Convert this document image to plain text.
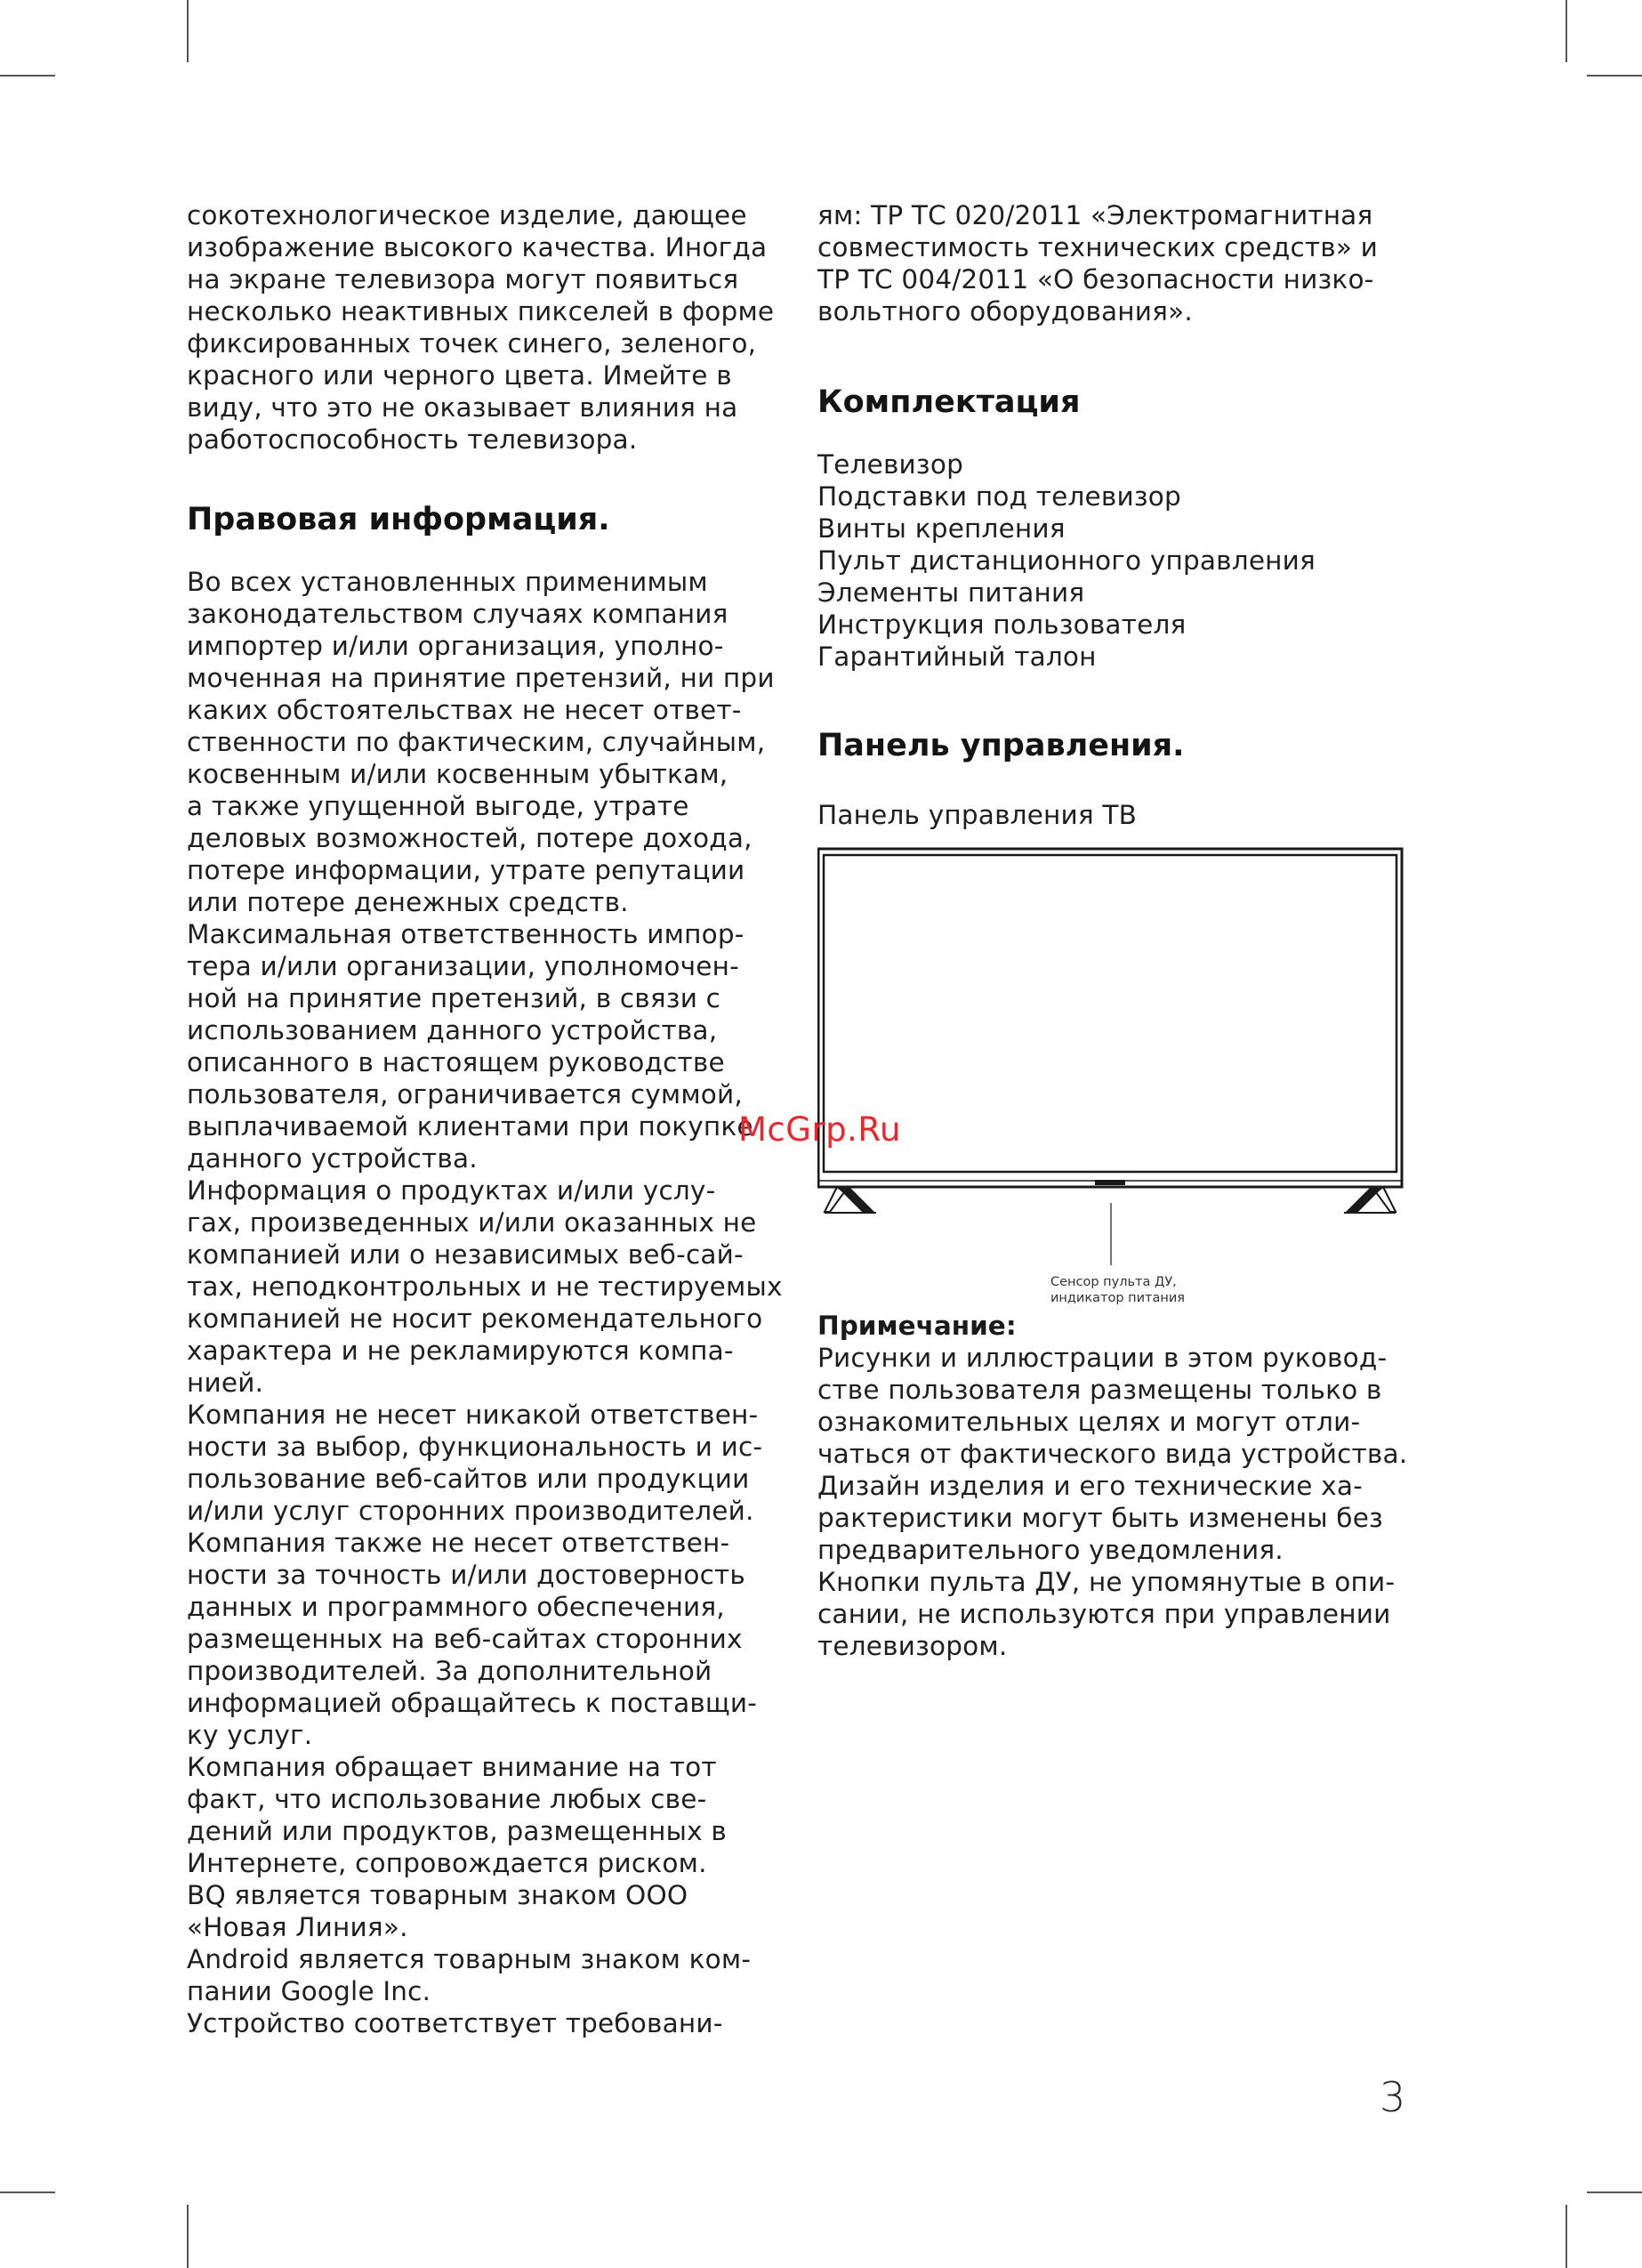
сокотехнологическое изделие, дающее
изображение высокого качества. Иногда
на экране телевизора могут появиться
несколько неактивных пикселей в форме
фиксированных точек синего, зеленого,
красного или черного цвета. Имейте в
виду, что это не оказывает влияния на
работоспособность телевизора.
Правовая информация.
Во всех установленных применимым
законодательством случаях компания
импортер и/или организация, уполно-
моченная на принятие претензий, ни при
каких обстоятельствах не несет ответ-
ственности по фактическим, случайным,
косвенным и/или косвенным убыткам,
а также упущенной выгоде, утрате
деловых возможностей, потере дохода,
потере информации, утрате репутации
или потере денежных средств.
Максимальная ответственность импор-
тера и/или организации, уполномочен-
ной на принятие претензий, в связи с
использованием данного устройства,
описанного в настоящем руководстве
пользователя, ограничивается суммой,
выплачиваемой клиентами при покупке
данного устройства.
Информация о продуктах и/или услу-
гах, произведенных и/или оказанных не
компанией или о независимых веб-сай-
тах, неподконтрольных и не тестируемых
компанией не носит рекомендательного
характера и не рекламируются компа-
нией.
Компания не несет никакой ответствен-
ности за выбор, функциональность и ис-
пользование веб-сайтов или продукции
и/или услуг сторонних производителей.
Компания также не несет ответствен-
ности за точность и/или достоверность
данных и программного обеспечения,
размещенных на веб-сайтах сторонних
производителей. За дополнительной
информацией обращайтесь к поставщи-
ку услуг.
Компания обращает внимание на тот
факт, что использование любых све-
дений или продуктов, размещенных в
Интернете, сопровождается риском.
BQ является товарным знаком ООО
«Новая Линия».
Android является товарным знаком ком-
пании Google Inc.
Устройство соответствует требовани-
ям: ТР ТС 020/2011 «Электромагнитная
совместимость технических средств» и
ТР ТС 004/2011 «О безопасности низко-
вольтного оборудования».
Комплектация
Телевизор
Подставки под телевизор
Винты крепления
Пульт дистанционного управления
Элементы питания
Инструкция пользователя
Гарантийный талон
Панель управления.
Панель управления ТВ
Сенсор пульта ДУ,
индикатор питания
Примечание:
Рисунки и иллюстрации в этом руковод-
стве пользователя размещены только в
ознакомительных целях и могут отли-
чаться от фактического вида устройства.
Дизайн изделия и его технические ха-
рактеристики могут быть изменены без
предварительного уведомления.
Кнопки пульта ДУ, не упомянутые в опи-
сании, не используются при управлении
телевизором.
McGrp.Ru
3
